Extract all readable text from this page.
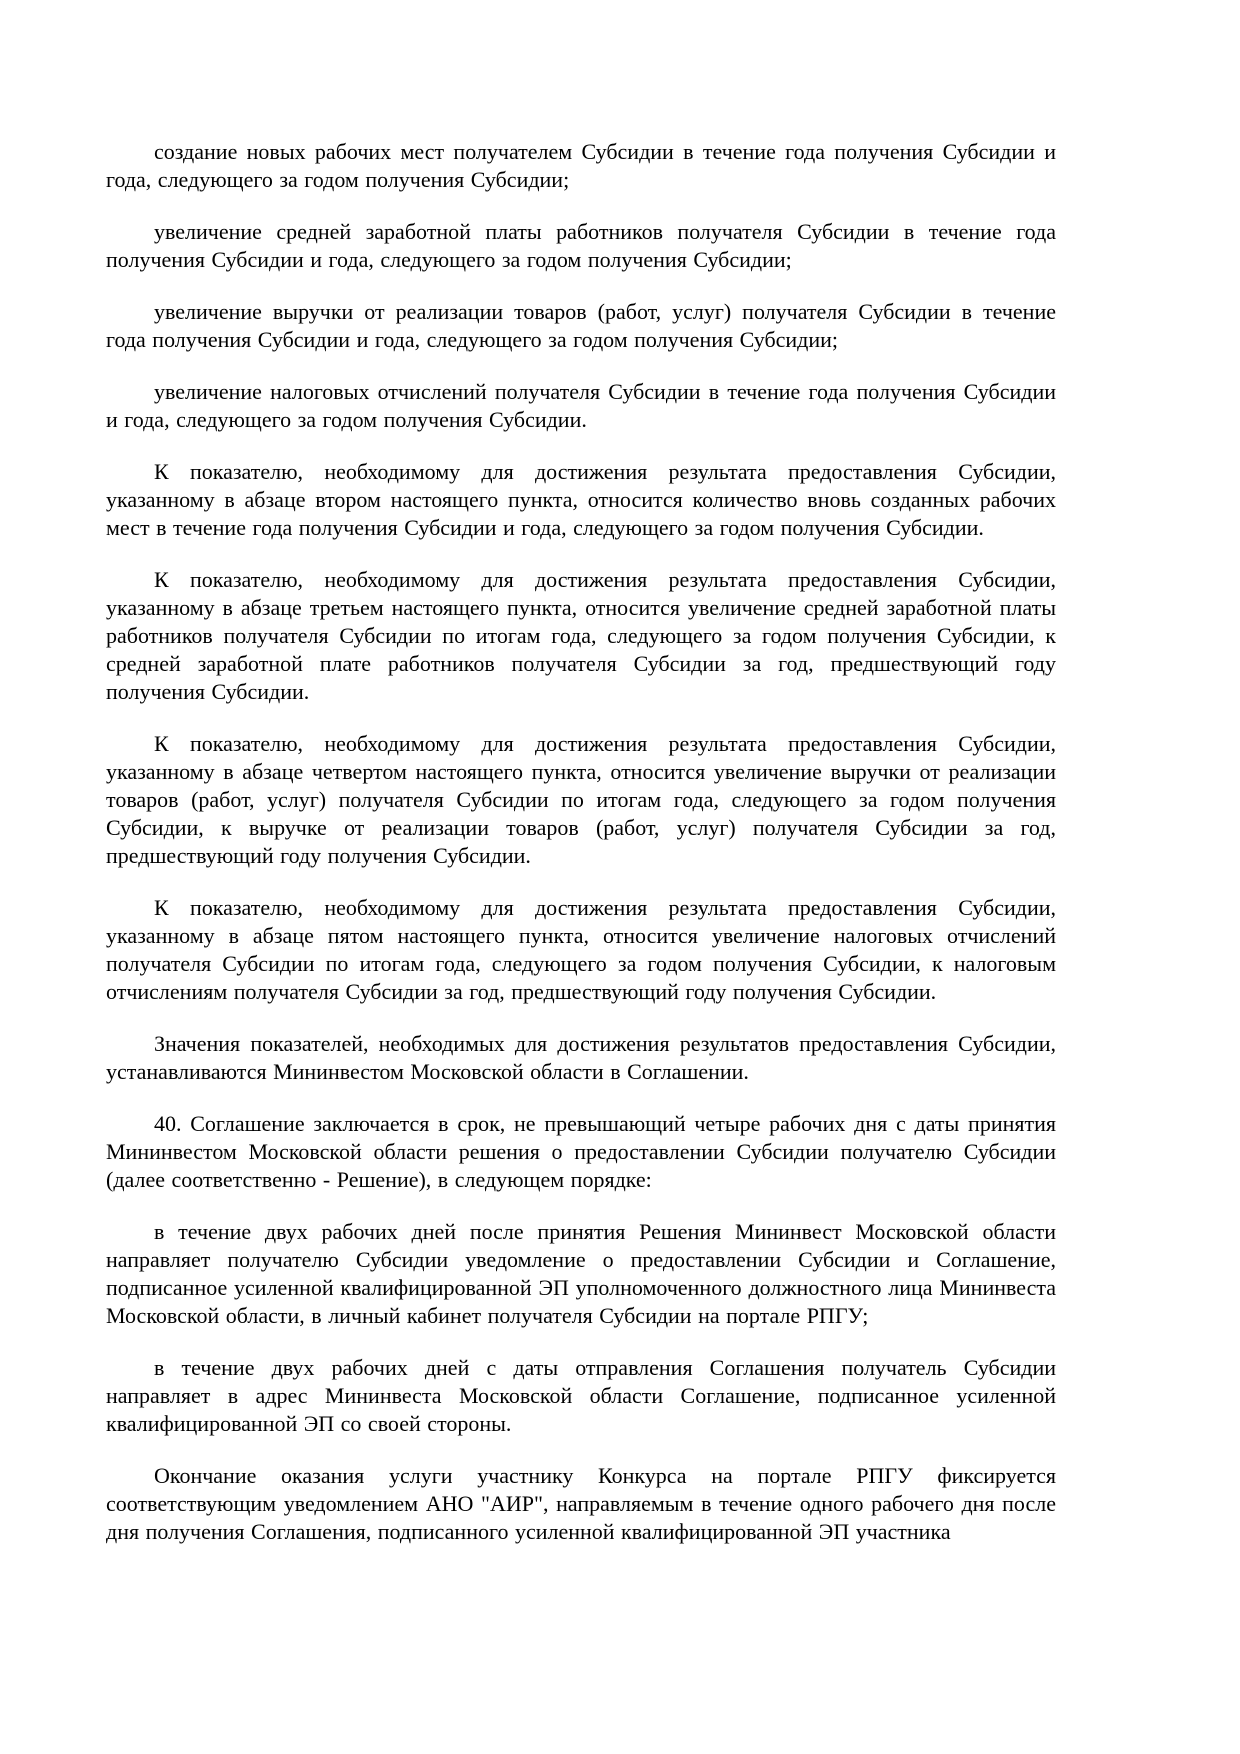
создание новых рабочих мест получателем Субсидии в течение года получения Субсидии и года, следующего за годом получения Субсидии;

увеличение средней заработной платы работников получателя Субсидии в течение года получения Субсидии и года, следующего за годом получения Субсидии;

увеличение выручки от реализации товаров (работ, услуг) получателя Субсидии в течение года получения Субсидии и года, следующего за годом получения Субсидии;

увеличение налоговых отчислений получателя Субсидии в течение года получения Субсидии и года, следующего за годом получения Субсидии.

К показателю, необходимому для достижения результата предоставления Субсидии, указанному в абзаце втором настоящего пункта, относится количество вновь созданных рабочих мест в течение года получения Субсидии и года, следующего за годом получения Субсидии.

К показателю, необходимому для достижения результата предоставления Субсидии, указанному в абзаце третьем настоящего пункта, относится увеличение средней заработной платы работников получателя Субсидии по итогам года, следующего за годом получения Субсидии, к средней заработной плате работников получателя Субсидии за год, предшествующий году получения Субсидии.

К показателю, необходимому для достижения результата предоставления Субсидии, указанному в абзаце четвертом настоящего пункта, относится увеличение выручки от реализации товаров (работ, услуг) получателя Субсидии по итогам года, следующего за годом получения Субсидии, к выручке от реализации товаров (работ, услуг) получателя Субсидии за год, предшествующий году получения Субсидии.

К показателю, необходимому для достижения результата предоставления Субсидии, указанному в абзаце пятом настоящего пункта, относится увеличение налоговых отчислений получателя Субсидии по итогам года, следующего за годом получения Субсидии, к налоговым отчислениям получателя Субсидии за год, предшествующий году получения Субсидии.

Значения показателей, необходимых для достижения результатов предоставления Субсидии, устанавливаются Мининвестом Московской области в Соглашении.

40. Соглашение заключается в срок, не превышающий четыре рабочих дня с даты принятия Мининвестом Московской области решения о предоставлении Субсидии получателю Субсидии (далее соответственно - Решение), в следующем порядке:

в течение двух рабочих дней после принятия Решения Мининвест Московской области направляет получателю Субсидии уведомление о предоставлении Субсидии и Соглашение, подписанное усиленной квалифицированной ЭП уполномоченного должностного лица Мининвеста Московской области, в личный кабинет получателя Субсидии на портале РПГУ;

в течение двух рабочих дней с даты отправления Соглашения получатель Субсидии направляет в адрес Мининвеста Московской области Соглашение, подписанное усиленной квалифицированной ЭП со своей стороны.

Окончание оказания услуги участнику Конкурса на портале РПГУ фиксируется соответствующим уведомлением АНО "АИР", направляемым в течение одного рабочего дня после дня получения Соглашения, подписанного усиленной квалифицированной ЭП участника
